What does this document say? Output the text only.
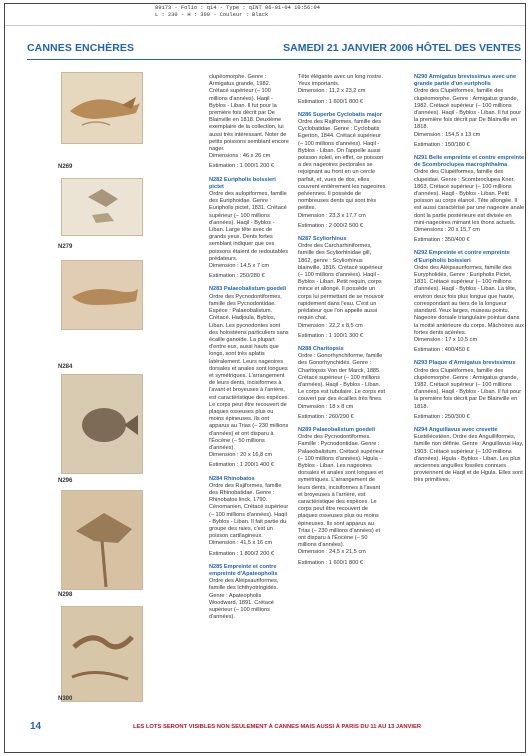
89173 - Folio : q14 - Type : qINT 06-01-04 10:56:04
L : 230 - H : 300 - Couleur : Black
CANNES ENCHÈRES	SAMEDI 21 JANVIER 2006 HÔTEL DES VENTES
N269
N279
N284
N296
N298
N300
clupéomorphe. Genre : Armigatus grande, 1982. Crétacé supérieur (– 100 millions d'années). Haqil - Byblos - Liban. Il fut pour la première fois décrit par De Blainville en 1818. Deuxième exemplaire de la collection, lui aussi très intéressant. Noter de petits poissons semblant encore nager.
Dimensions : 46 x 26 cm
Estimation : 1 000/1 200 €
N282 Euripholis boissieri pictet
Ordre des aulopiformes, famille des Euriphoidae. Genre : Euripholis pictet, 1831. Crétacé supérieur (– 100 millions d'années). Haqil - Byblos - Liban. Large tête avec de grands yeux. Dents fortes semblant indiquer que ces poissons étaient de redoutables prédateurs.
Dimension : 14,5 x 7 cm
Estimation : 250/280 €
N283 Palaeobalistum goedeli
Ordre des Pycnodontiformes, famille des Pycnodontidae. Espèce : Palaeobalistum. Crétacé. Hadjoula, Byblos, Liban. Les pycnodontes sont des holostéens particuliers sans écaille ganoïde. La plupart d'entre eux, aussi hauts que longs, sont très aplatis latéralement. Leurs nageoires dorsales et anales sont longues et symétriques. L'arrangement de leurs dents, incisiformes à l'avant et broyeuses à l'arrière, est caractéristique des espèces. Le corps peut être recouvert de plaques osseuses plus ou moins épineuses. Ils ont apparus au Trias (– 230 millions d'années) et ont disparu à l'Éocène (– 50 millions d'années).
Dimension : 20 x 16,8 cm
Estimation : 1 200/1 400 €
N284 Rhinobatos
Ordre des Rajiformes, famille des Rhinobatidae. Genre : Rhinobatos linck, 1790. Cénomanien, Crétacé supérieur (– 100 millions d'années). Haqil - Byblos - Liban. Il fait partie du groupe des raies, c'est un poisson cartilagineux.
Dimension : 41,5 x 16 cm
Estimation : 1 800/2 200 €
N285 Empreinte et contre empreinte d'Apateopholis
Ordre des Aléipsauriformes, famille des Ichthyotringidés. Genre : Apateopholis Woodward, 1891. Crétacé supérieur (– 100 millions d'années).
Tête élégante avec un long rostre. Yeux importants.
Dimension : 11,2 x 23,2 cm
Estimation : 1 600/1 800 €
N286 Superbe Cyclobatis major
Ordre des Rajiformes, famille des Cyclobatidae. Genre : Cyclobatis Egerton, 1844. Crétacé supérieur (– 100 millions d'années). Haqil - Byblos - Liban. On l'appelle aussi poisson soleil, en effet, ce poisson a des nageoires pectorales se rejoignant au front en un cercle parfait, et, vues de dos, elles couvrent entièrement les nageoires pelviennes. Il possède de nombreuses dents qui sont très petites.
Dimension : 23,3 x 17,7 cm
Estimation : 2 000/2 500 €
N287 Scyliorhinus
Ordre des Carcharhiniformes, famille des Scyliorhinidae gill, 1862, genre : Scyliorhinus blainville, 1816. Crétacé supérieur (– 100 millions d'années). Haqil - Byblos - Liban. Petit requin, corps mince et allongé. Il possède un corps lui permettant de se mouvoir rapidement dans l'eau. C'est un prédateur que l'on appelle aussi requin chat.
Dimension : 22,2 x 8,5 cm
Estimation : 1 100/1 300 €
N288 Charitopsis
Ordre : Gonorhynchiforme, famille des Gonorhynchidés. Genre : Charitopsis Von der Marck, 1885. Crétacé supérieur (– 100 millions d'années). Haqil - Byblos - Liban. Le corps est tubulaire. Le corps est couvert par des écailles très fines.
Dimension : 18 x 8 cm
Estimation : 260/290 €
N289 Palaeobalistum goedeli
Ordre des Pycnodontiformes. Famille : Pycnodontidae. Genre : Palaeobalistum. Crétacé supérieur (– 100 millions d'années). Hgula - Byblos - Liban. Les nageoires dorsales et anales sont longues et symétriques. L'arrangement de leurs dents, incisiformes à l'avant et broyeuses à l'arrière, est caractéristique des espèces. Le corps peut être recouvert de plaques osseuses plus ou moins épineuses. Ils sont apparus au Trias (– 230 millions d'années) et ont disparu à l'Éocène (– 50 millions d'années).
Dimension : 24,5 x 21,5 cm
Estimation : 1 600/1 800 €
N290 Armigatus brevissimus avec une grande partie d'un euripholis
Ordre des Clupéiformes, famille des clupéomorphe. Genre : Armigatus grande, 1982. Crétacé supérieur (– 100 millions d'années). Haqil - Byblos - Liban. Il fut pour la première fois décrit par De Blainville en 1818.
Dimension : 154,5 x 13 cm
Estimation : 150/180 €
N291 Belle empreinte et contre empreinte de Scombroclupea macrophthalma
Ordre des Clupéiformes, famille des clupeidae. Genre : Scombroclupea Kner, 1863. Crétacé supérieur (– 100 millions d'années). Haqil - Byblos - Liban. Petit poisson au corps élancé. Tête allongée. Il est aussi caractérisé par une nageoire anale dont la partie postérieure est divisée en mini-nageoires mimant les thons actuels.
Dimensions : 20 x 15,7 cm
Estimation : 350/400 €
N292 Empreinte et contre empreinte d'Euripholis boissieri
Ordre des Aléipsauriformes, famille des Eurypholidés, Genre : Euripholis Pictet, 1831. Crétacé supérieur (– 100 millions d'années). Haqil - Byblos - Liban. La tête, environ deux fois plus longue que haute, correspondant au tiers de la longueur standard. Yeux larges, museau pointu. Nageoire dorsale triangulaire pointue dans la moitié antérieure du corps. Mâchoires aux fortes dents acérées.
Dimension : 17 x 10,5 cm
Estimation : 400/450 €
N293 Plaque d'Armigatus brevissimus
Ordre des Clupéiformes, famille des clupéomorphe. Genre : Armigatus grande, 1982. Crétacé supérieur (– 100 millions d'années). Haqil - Byblos - Liban. Il fut pour la première fois décrit par De Blainville en 1818.
Estimation : 250/300 €
N294 Anguillavus avec crevette
Eustéléostéen. Ordre des Anguilliformes, famille non définie. Genre : Anguillavus Hay, 1903. Crétacé supérieur (– 100 millions d'années). Hgula - Byblos - Liban. Les plus anciennes anguilles fossiles connues proviennent de Haqil et de Hgula. Elles sont très primitives.
14	LES LOTS SERONT VISIBLES NON SEULEMENT À CANNES MAIS AUSSI À PARIS DU 11 AU 13 JANVIER
